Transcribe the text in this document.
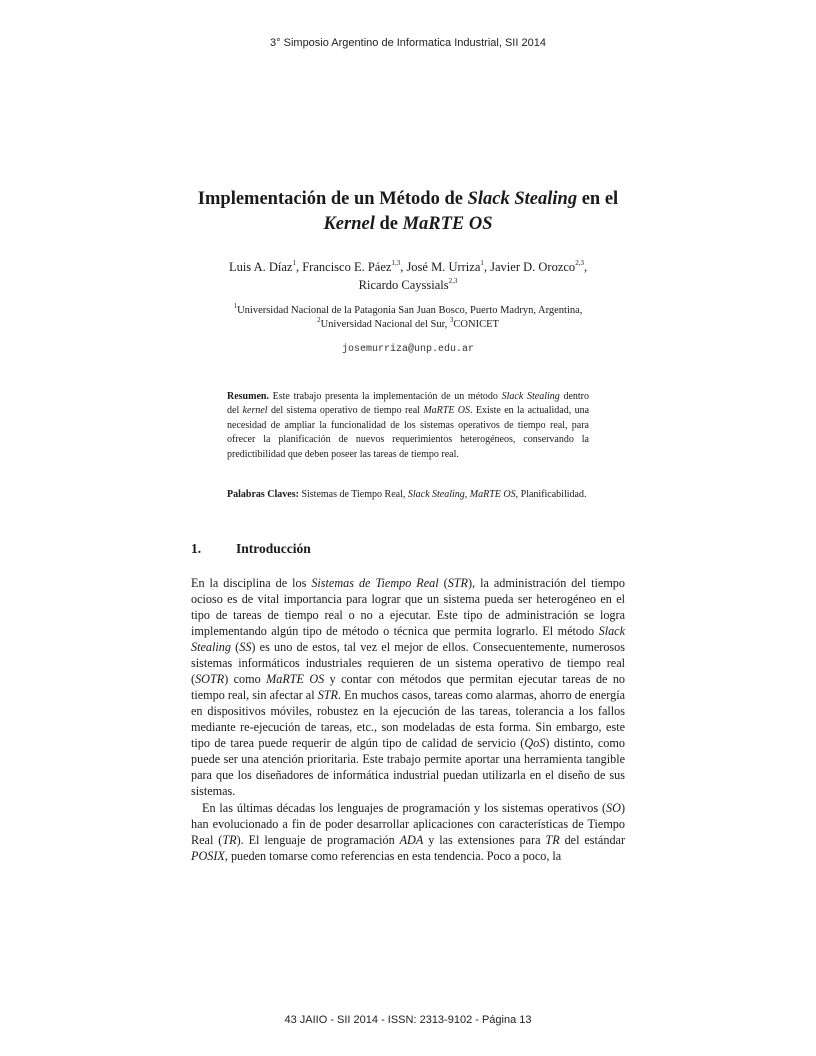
3° Simposio Argentino de Informatica Industrial, SII 2014
Implementación de un Método de Slack Stealing en el
Kernel de MaRTE OS
Luis A. Díaz$^1$, Francisco E. Páez$^{1,3}$, José M. Urriza$^1$, Javier D. Orozco$^{2,3}$,
Ricardo Cayssials$^{2,3}$
$^1$Universidad Nacional de la Patagonia San Juan Bosco, Puerto Madryn, Argentina,
$^2$Universidad Nacional del Sur, $^3$CONICET
josemurriza@unp.edu.ar

Resumen. Este trabajo presenta la implementación de un método Slack Stealing dentro del kernel del sistema operativo de tiempo real MaRTE OS. Existe en la actualidad, una necesidad de ampliar la funcionalidad de los sistemas operativos de tiempo real, para ofrecer la planificación de nuevos requerimientos heterogéneos, conservando la predictibilidad que deben poseer las tareas de tiempo real.

Palabras Claves: Sistemas de Tiempo Real, Slack Stealing, MaRTE OS, Planificabilidad.

1.	Introducción

En la disciplina de los Sistemas de Tiempo Real (STR), la administración del tiempo ocioso es de vital importancia para lograr que un sistema pueda ser heterogéneo en el tipo de tareas de tiempo real o no a ejecutar. Este tipo de administración se logra implementando algún tipo de método o técnica que permita lograrlo. El método Slack Stealing (SS) es uno de estos, tal vez el mejor de ellos. Consecuentemente, numerosos sistemas informáticos industriales requieren de un sistema operativo de tiempo real (SOTR) como MaRTE OS y contar con métodos que permitan ejecutar tareas de no tiempo real, sin afectar al STR. En muchos casos, tareas como alarmas, ahorro de energía en dispositivos móviles, robustez en la ejecución de las tareas, tolerancia a los fallos mediante re-ejecución de tareas, etc., son modeladas de esta forma. Sin embargo, este tipo de tarea puede requerir de algún tipo de calidad de servicio (QoS) distinto, como puede ser una atención prioritaria. Este trabajo permite aportar una herramienta tangible para que los diseñadores de informática industrial puedan utilizarla en el diseño de sus sistemas.

En las últimas décadas los lenguajes de programación y los sistemas operativos (SO) han evolucionado a fin de poder desarrollar aplicaciones con características de Tiempo Real (TR). El lenguaje de programación ADA y las extensiones para TR del estándar POSIX, pueden tomarse como referencias en esta tendencia. Poco a poco, la

43 JAIIO - SII 2014 - ISSN: 2313-9102 - Página 13
